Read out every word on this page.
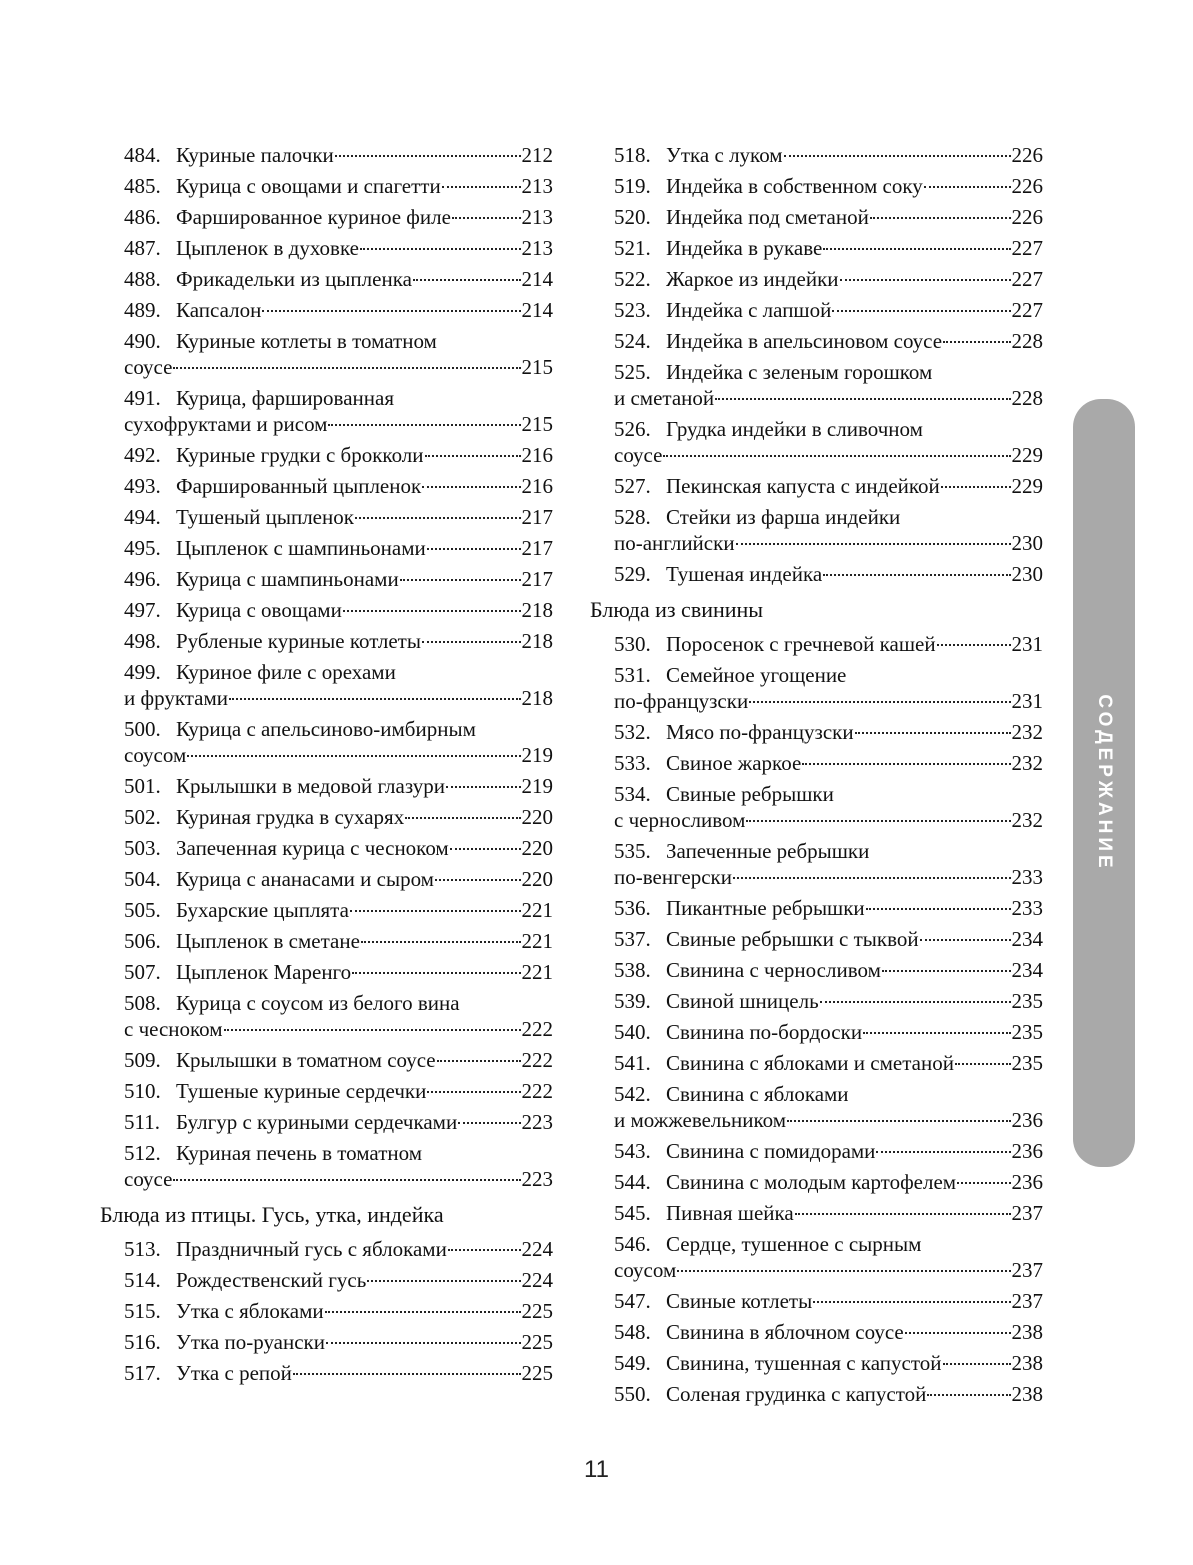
484. Куриные палочки	212
485. Курица с овощами и спагетти	213
486. Фаршированное куриное филе	213
487. Цыпленок в духовке	213
488. Фрикадельки из цыпленка	214
489. Капсалон	214
490. Куриные котлеты в томатном
соусе	215
491. Курица, фаршированная
сухофруктами и рисом	215
492. Куриные грудки с брокколи	216
493. Фаршированный цыпленок	216
494. Тушеный цыпленок	217
495. Цыпленок с шампиньонами	217
496. Курица с шампиньонами	217
497. Курица с овощами	218
498. Рубленые куриные котлеты	218
499. Куриное филе с орехами
и фруктами	218
500. Курица с апельсиново-имбирным
соусом	219
501. Крылышки в медовой глазури	219
502. Куриная грудка в сухарях	220
503. Запеченная курица с чесноком	220
504. Курица с ананасами и сыром	220
505. Бухарские цыплята	221
506. Цыпленок в сметане	221
507. Цыпленок Маренго	221
508. Курица с соусом из белого вина
с чесноком	222
509. Крылышки в томатном соусе	222
510. Тушеные куриные сердечки	222
511. Булгур с куриными сердечками	223
512. Куриная печень в томатном
соусе	223
Блюда из птицы. Гусь, утка, индейка
513. Праздничный гусь с яблоками	224
514. Рождественский гусь	224
515. Утка с яблоками	225
516. Утка по-руански	225
517. Утка с репой	225
518. Утка с луком	226
519. Индейка в собственном соку	226
520. Индейка под сметаной	226
521. Индейка в рукаве	227
522. Жаркое из индейки	227
523. Индейка с лапшой	227
524. Индейка в апельсиновом соусе	228
525. Индейка с зеленым горошком
и сметаной	228
526. Грудка индейки в сливочном
соусе	229
527. Пекинская капуста с индейкой	229
528. Стейки из фарша индейки
по-английски	230
529. Тушеная индейка	230
Блюда из свинины
530. Поросенок с гречневой кашей	231
531. Семейное угощение
по-французски	231
532. Мясо по-французски	232
533. Свиное жаркое	232
534. Свиные ребрышки
с черносливом	232
535. Запеченные ребрышки
по-венгерски	233
536. Пикантные ребрышки	233
537. Свиные ребрышки с тыквой	234
538. Свинина с черносливом	234
539. Свиной шницель	235
540. Свинина по-бордоски	235
541. Свинина с яблоками и сметаной	235
542. Свинина с яблоками
и можжевельником	236
543. Свинина с помидорами	236
544. Свинина с молодым картофелем	236
545. Пивная шейка	237
546. Сердце, тушенное с сырным
соусом	237
547. Свиные котлеты	237
548. Свинина в яблочном соусе	238
549. Свинина, тушенная с капустой	238
550. Соленая грудинка с капустой	238
СОДЕРЖАНИЕ
11
